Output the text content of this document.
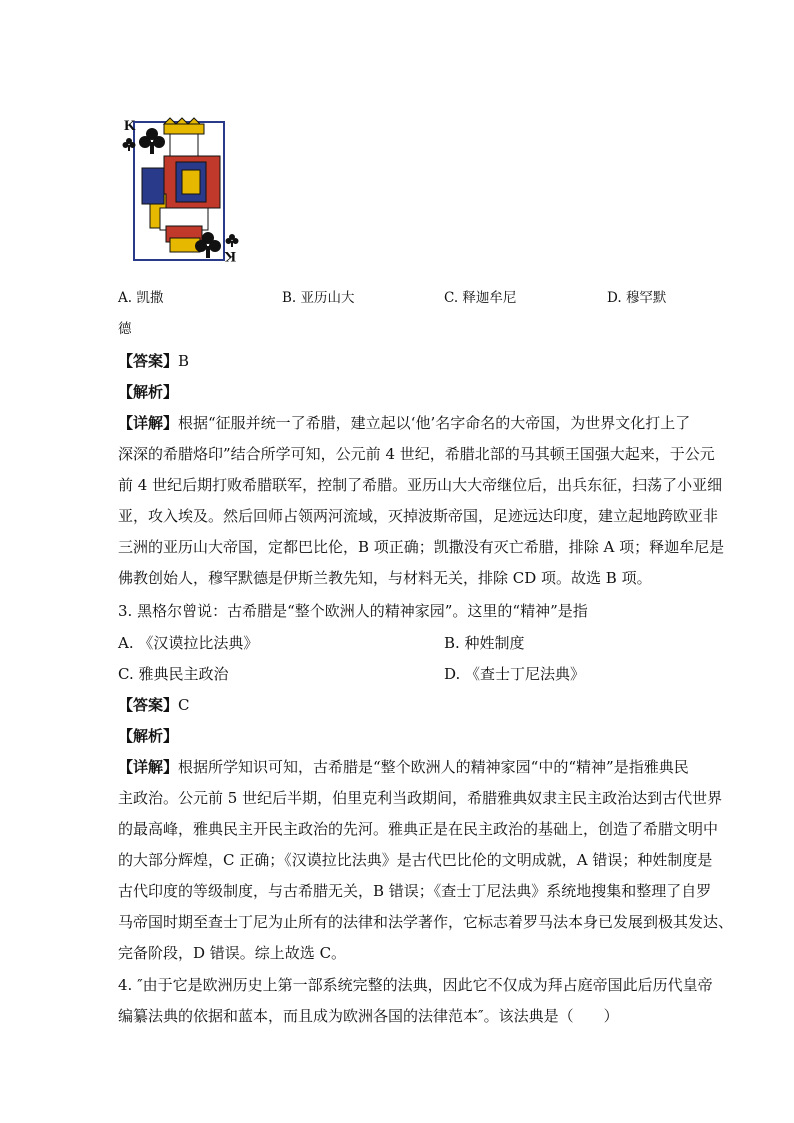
K
K
A. 凯撒	B. 亚历山大	C. 释迦牟尼	D. 穆罕默
德
【答案】B
【解析】
【详解】根据“征服并统一了希腊，建立起以‘他’名字命名的大帝国，为世界文化打上了
深深的希腊烙印”结合所学可知，公元前 4 世纪，希腊北部的马其顿王国强大起来，于公元
前 4 世纪后期打败希腊联军，控制了希腊。亚历山大大帝继位后，出兵东征，扫荡了小亚细
亚，攻入埃及。然后回师占领两河流域，灭掉波斯帝国，足迹远达印度，建立起地跨欧亚非
三洲的亚历山大帝国，定都巴比伦，B 项正确；凯撒没有灭亡希腊，排除 A 项；释迦牟尼是
佛教创始人，穆罕默德是伊斯兰教先知，与材料无关，排除 CD 项。故选 B 项。
3. 黑格尔曾说：古希腊是“整个欧洲人的精神家园”。这里的“精神”是指
A. 《汉谟拉比法典》	B. 种姓制度
C. 雅典民主政治	D. 《查士丁尼法典》
【答案】C
【解析】
【详解】根据所学知识可知，古希腊是“整个欧洲人的精神家园“中的“精神”是指雅典民
主政治。公元前 5 世纪后半期，伯里克利当政期间，希腊雅典奴隶主民主政治达到古代世界
的最高峰，雅典民主开民主政治的先河。雅典正是在民主政治的基础上，创造了希腊文明中
的大部分辉煌，C 正确；《汉谟拉比法典》是古代巴比伦的文明成就，A 错误；种姓制度是
古代印度的等级制度，与古希腊无关，B 错误；《查士丁尼法典》系统地搜集和整理了自罗
马帝国时期至查士丁尼为止所有的法律和法学著作，它标志着罗马法本身已发展到极其发达、
完备阶段，D 错误。综上故选 C。
4. ″由于它是欧洲历史上第一部系统完整的法典，因此它不仅成为拜占庭帝国此后历代皇帝
编纂法典的依据和蓝本，而且成为欧洲各国的法律范本″。该法典是（　　）
